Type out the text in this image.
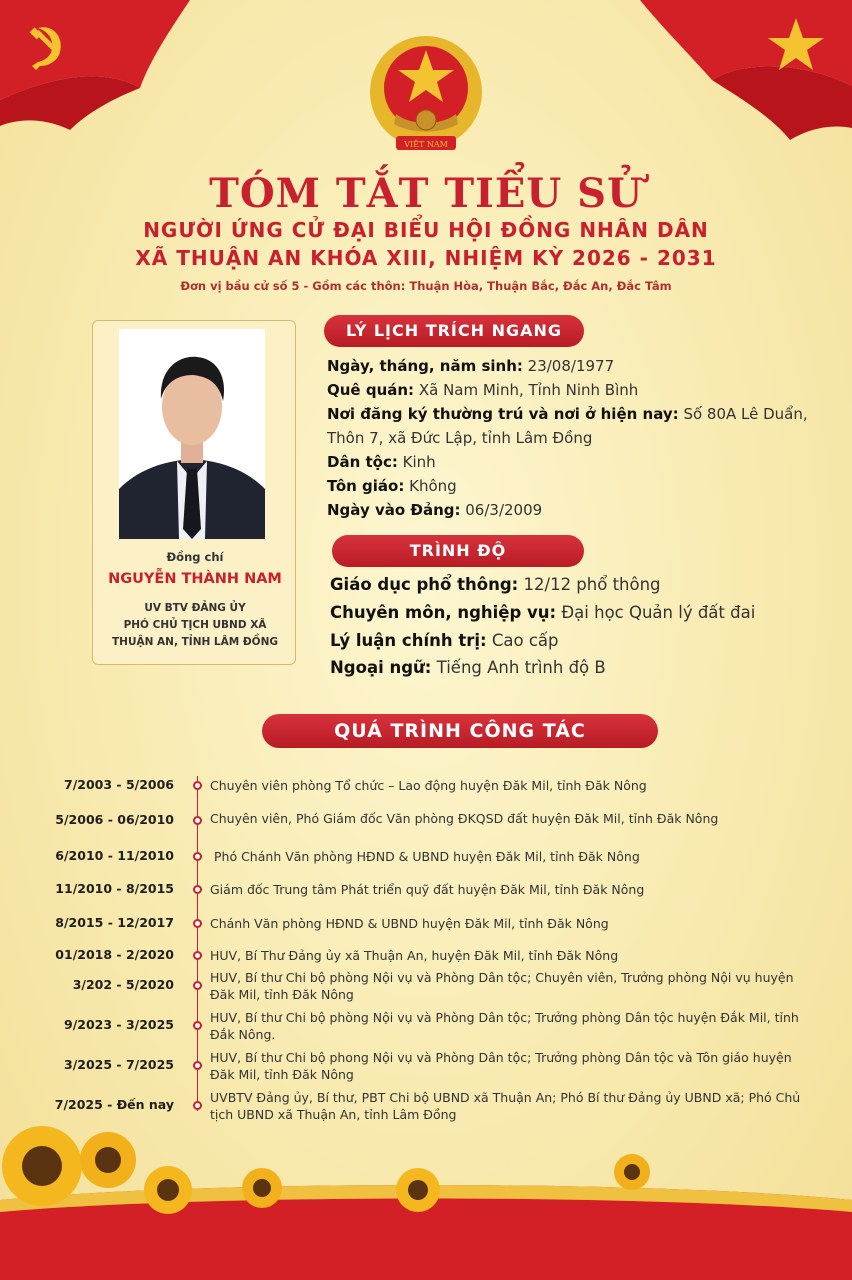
VIỆT NAM
TÓM TẮT TIỂU SỬ
NGƯỜI ỨNG CỬ ĐẠI BIỂU HỘI ĐỒNG NHÂN DÂN
XÃ THUẬN AN KHÓA XIII, NHIỆM KỲ 2026 - 2031
Đơn vị bầu cử số 5 - Gồm các thôn: Thuận Hòa, Thuận Bắc, Đắc An, Đắc Tâm
Đồng chí
NGUYỄN THÀNH NAM
UV BTV ĐẢNG ỦY
PHÓ CHỦ TỊCH UBND XÃ
THUẬN AN, TỈNH LÂM ĐỒNG
LÝ LỊCH TRÍCH NGANG
Ngày, tháng, năm sinh: 23/08/1977
Quê quán: Xã Nam Minh, Tỉnh Ninh Bình
Nơi đăng ký thường trú và nơi ở hiện nay: Số 80A Lê Duẩn,
Thôn 7, xã Đức Lập, tỉnh Lâm Đồng
Dân tộc: Kinh
Tôn giáo: Không
Ngày vào Đảng: 06/3/2009
TRÌNH ĐỘ
Giáo dục phổ thông: 12/12 phổ thông
Chuyên môn, nghiệp vụ: Đại học Quản lý đất đai
Lý luận chính trị: Cao cấp
Ngoại ngữ: Tiếng Anh trình độ B
QUÁ TRÌNH CÔNG TÁC
7/2003 - 5/2006	Chuyên viên phòng Tổ chức – Lao động huyện Đăk Mil, tỉnh Đăk Nông
5/2006 - 06/2010	Chuyên viên, Phó Giám đốc Văn phòng ĐKQSD đất huyện Đăk Mil, tỉnh Đăk Nông
6/2010 - 11/2010	Phó Chánh Văn phòng HĐND & UBND huyện Đăk Mil, tỉnh Đăk Nông
11/2010 - 8/2015	Giám đốc Trung tâm Phát triển quỹ đất huyện Đăk Mil, tỉnh Đăk Nông
8/2015 - 12/2017	Chánh Văn phòng HĐND & UBND huyện Đăk Mil, tỉnh Đăk Nông
01/2018 - 2/2020	HUV, Bí Thư Đảng ủy xã Thuận An, huyện Đăk Mil, tỉnh Đăk Nông
3/202 - 5/2020	HUV, Bí thư Chi bộ phòng Nội vụ và Phòng Dân tộc; Chuyên viên, Trưởng phòng Nội vụ huyện Đăk Mil, tỉnh Đăk Nông
9/2023 - 3/2025	HUV, Bí thư Chi bộ phòng Nội vụ và Phòng Dân tộc; Trưởng phòng Dân tộc huyện Đắk Mil, tỉnh Đắk Nông.
3/2025 - 7/2025	HUV, Bí thư Chi bộ phong Nội vụ và Phòng Dân tộc; Trưởng phòng Dân tộc và Tôn giáo huyện Đăk Mil, tỉnh Đăk Nông
7/2025 - Đến nay	UVBTV Đảng ủy, Bí thư, PBT Chi bộ UBND xã Thuận An; Phó Bí thư Đảng ủy UBND xã; Phó Chủ tịch UBND xã Thuận An, tỉnh Lâm Đồng
